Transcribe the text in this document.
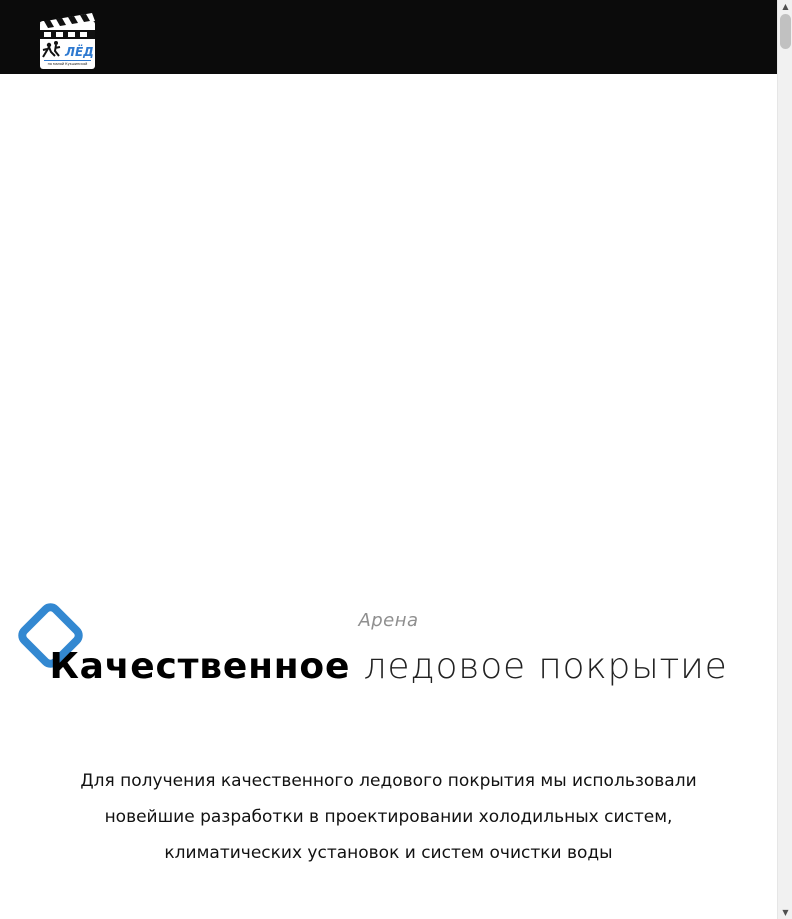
ЛЁД
на малой Кукшинской
Арена
Качественное ледовое покрытие

Для получения качественного ледового покрытия мы использовали новейшие разработки в проектировании холодильных систем, климатических установок и систем очистки воды

▲
▼
